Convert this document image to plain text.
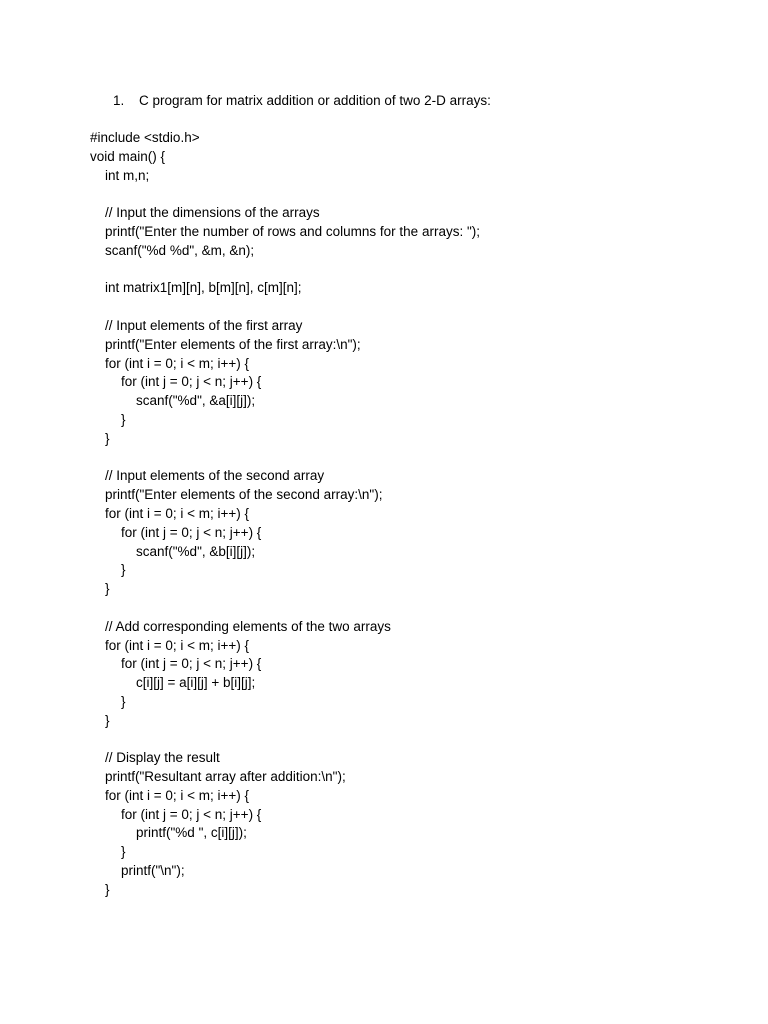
1. C program for matrix addition or addition of two 2-D arrays:
#include <stdio.h>
void main() {
int m,n;
// Input the dimensions of the arrays
printf("Enter the number of rows and columns for the arrays: ");
scanf("%d %d", &m, &n);
int matrix1[m][n], b[m][n], c[m][n];
// Input elements of the first array
printf("Enter elements of the first array:\n");
for (int i = 0; i < m; i++) {
for (int j = 0; j < n; j++) {
scanf("%d", &a[i][j]);
}
}
// Input elements of the second array
printf("Enter elements of the second array:\n");
for (int i = 0; i < m; i++) {
for (int j = 0; j < n; j++) {
scanf("%d", &b[i][j]);
}
}
// Add corresponding elements of the two arrays
for (int i = 0; i < m; i++) {
for (int j = 0; j < n; j++) {
c[i][j] = a[i][j] + b[i][j];
}
}
// Display the result
printf("Resultant array after addition:\n");
for (int i = 0; i < m; i++) {
for (int j = 0; j < n; j++) {
printf("%d ", c[i][j]);
}
printf("\n");
}
